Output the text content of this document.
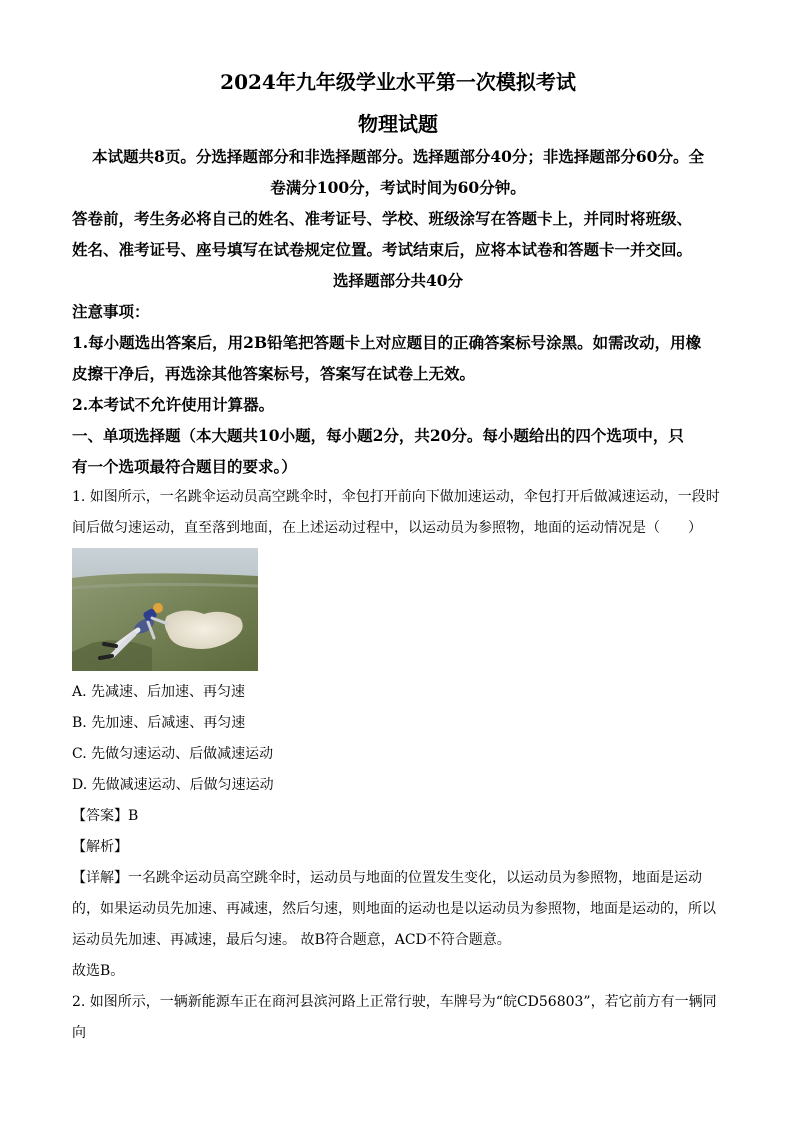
2024年九年级学业水平第一次模拟考试

物理试题

本试题共8页。分选择题部分和非选择题部分。选择题部分40分；非选择题部分60分。全

卷满分100分，考试时间为60分钟。

答卷前，考生务必将自己的姓名、准考证号、学校、班级涂写在答题卡上，并同时将班级、

姓名、准考证号、座号填写在试卷规定位置。考试结束后，应将本试卷和答题卡一并交回。

选择题部分共40分

注意事项：

1.每小题选出答案后，用2B铅笔把答题卡上对应题目的正确答案标号涂黑。如需改动，用橡

皮擦干净后，再选涂其他答案标号，答案写在试卷上无效。

2.本考试不允许使用计算器。

一、单项选择题（本大题共10小题，每小题2分，共20分。每小题给出的四个选项中，只

有一个选项最符合题目的要求。）

1. 如图所示，一名跳伞运动员高空跳伞时，伞包打开前向下做加速运动，伞包打开后做减速运动，一段时

间后做匀速运动，直至落到地面，在上述运动过程中，以运动员为参照物，地面的运动情况是（　　）

A. 先减速、后加速、再匀速

B. 先加速、后减速、再匀速

C. 先做匀速运动、后做减速运动

D. 先做减速运动、后做匀速运动

【答案】B

【解析】

【详解】一名跳伞运动员高空跳伞时，运动员与地面的位置发生变化，以运动员为参照物，地面是运动

的，如果运动员先加速、再减速，然后匀速，则地面的运动也是以运动员为参照物，地面是运动的，所以

运动员先加速、再减速，最后匀速。 故B符合题意，ACD不符合题意。

故选B。

2. 如图所示，一辆新能源车正在商河县滨河路上正常行驶，车牌号为“皖CD56803”，若它前方有一辆同向
